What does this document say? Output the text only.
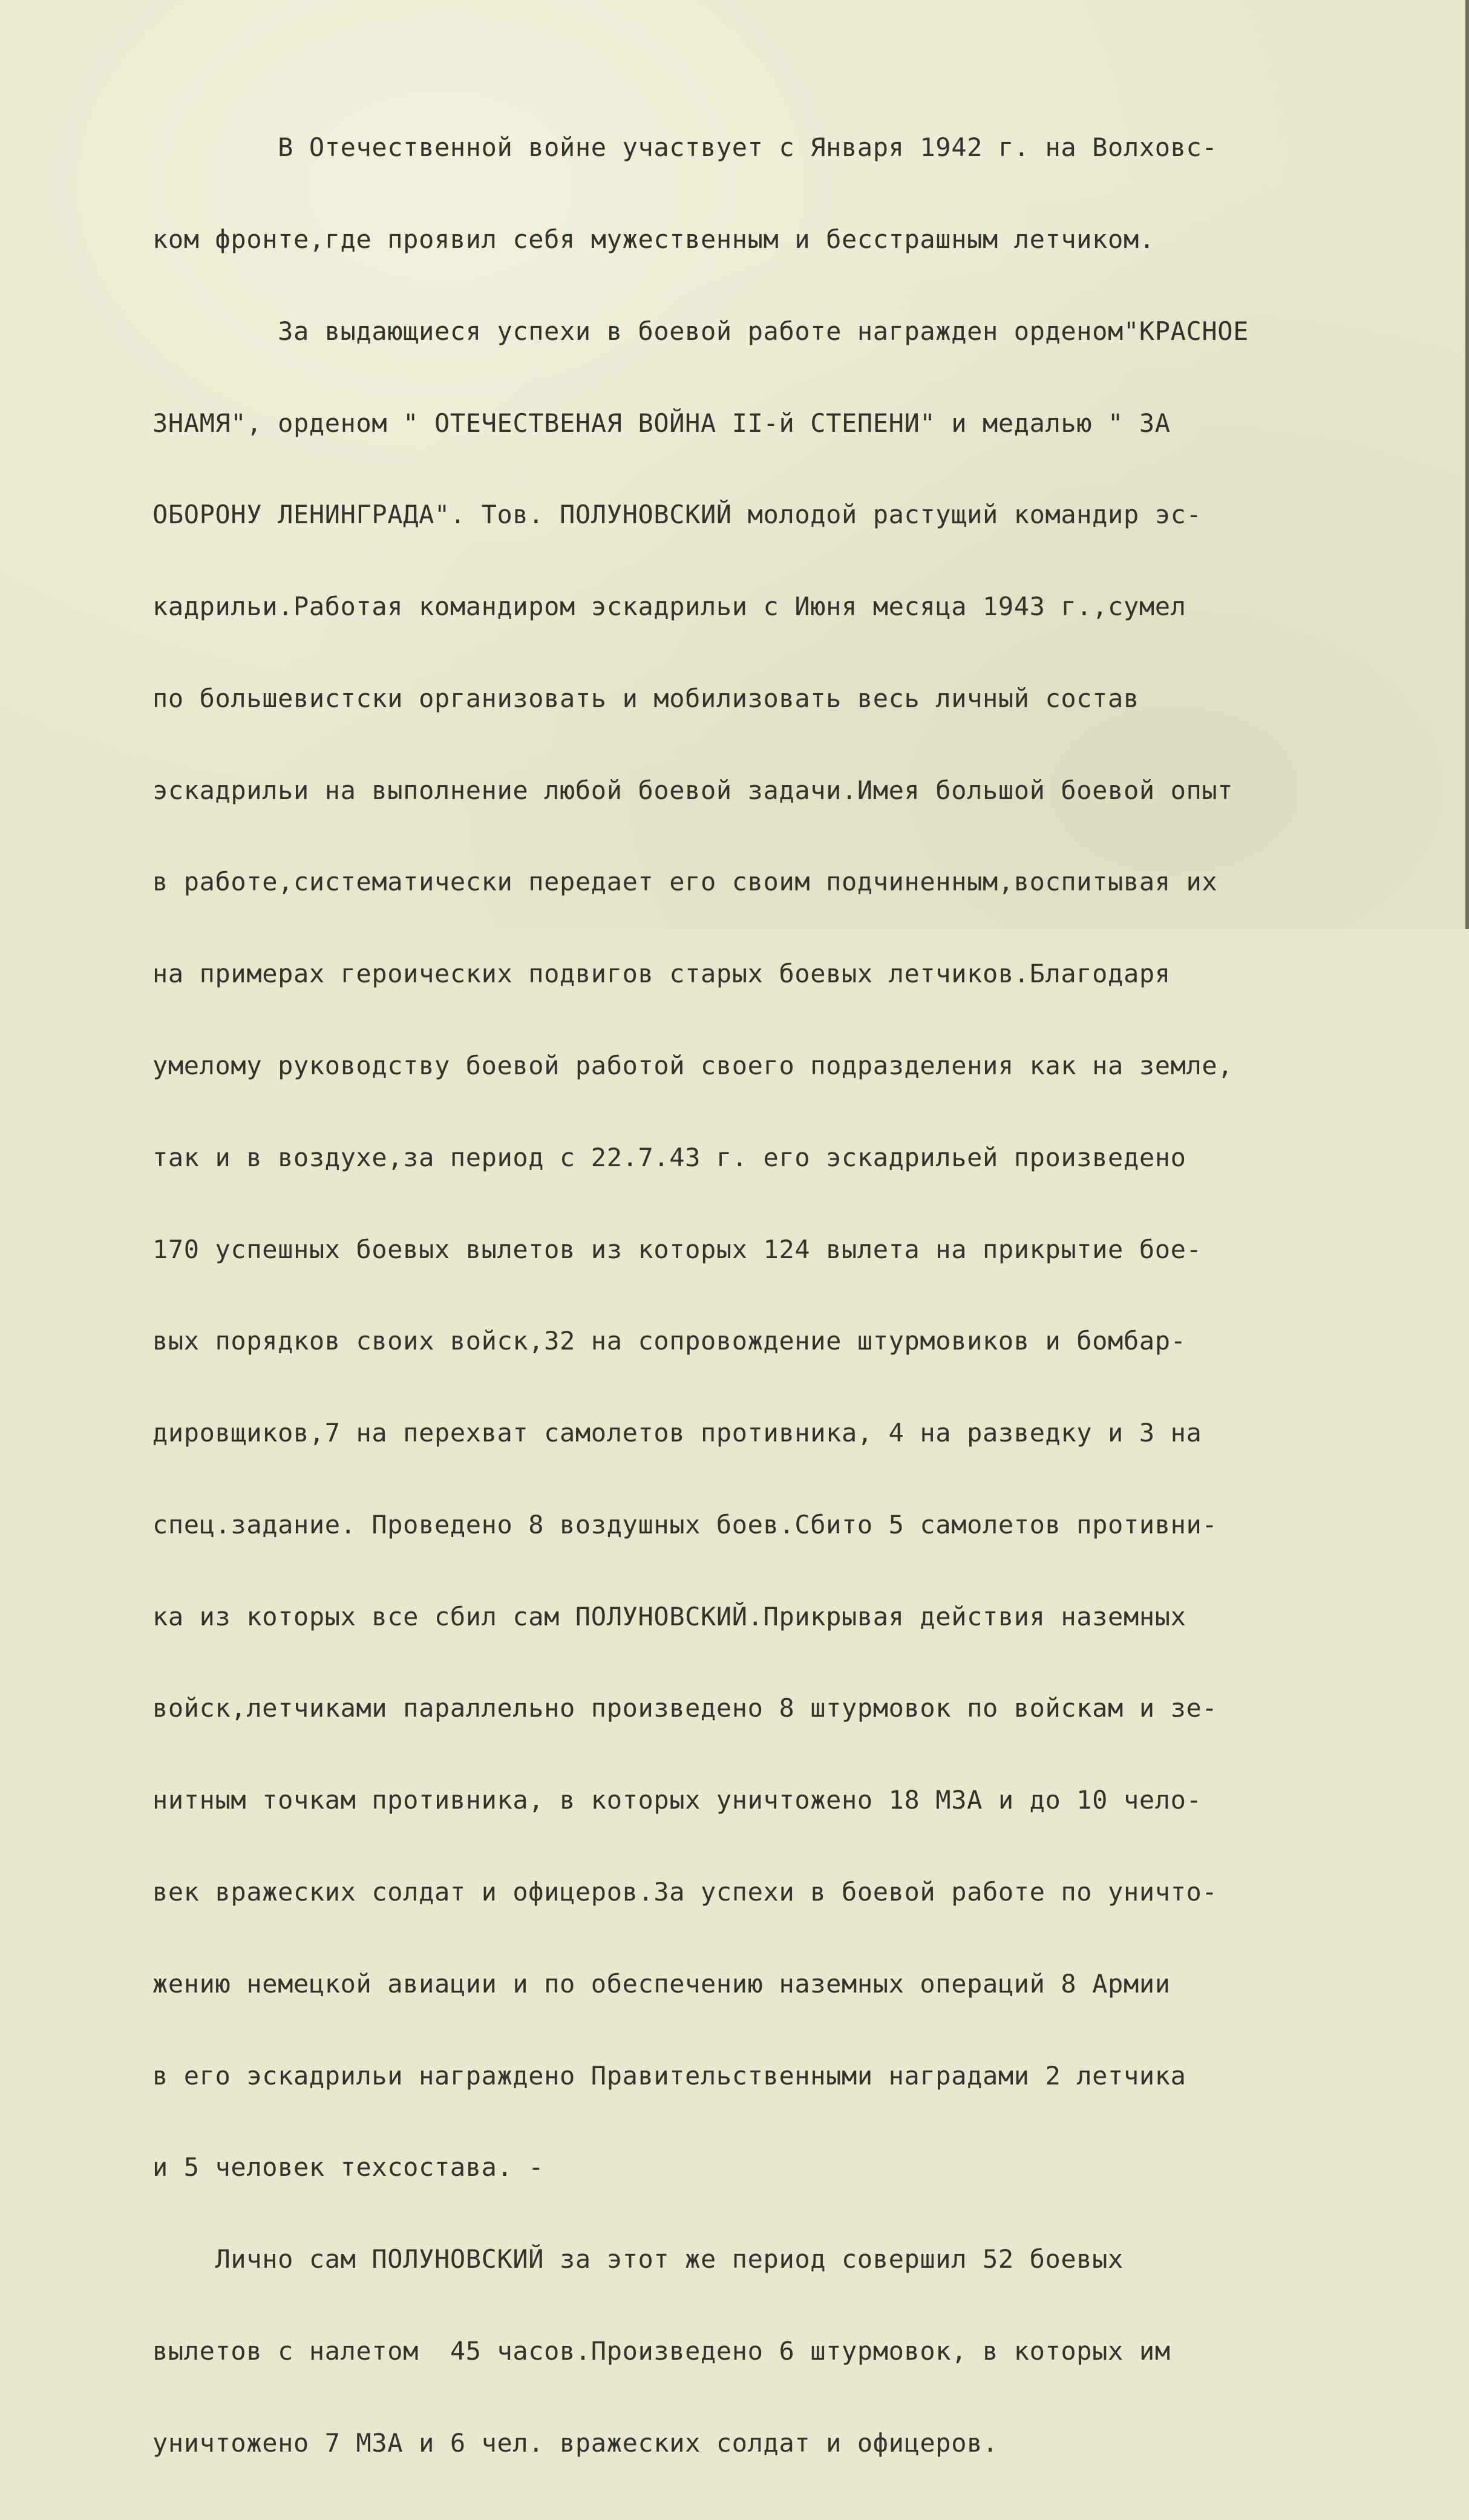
В Отечественной войне участвует с Января 1942 г. на Волховс-

ком фронте,где проявил себя мужественным и бесстрашным летчиком.

За выдающиеся успехи в боевой работе награжден орденом"КРАСНОЕ

ЗНАМЯ", орденом " ОТЕЧЕСТВЕНАЯ ВОЙНА II-й СТЕПЕНИ" и медалью " ЗА

ОБОРОНУ ЛЕНИНГРАДА". Тов. ПОЛУНОВСКИЙ молодой растущий командир эс-

кадрильи.Работая командиром эскадрильи с Июня месяца 1943 г.,сумел

по большевистски организовать и мобилизовать весь личный состав

эскадрильи на выполнение любой боевой задачи.Имея большой боевой опыт

в работе,систематически передает его своим подчиненным,воспитывая их

на примерах героических подвигов старых боевых летчиков.Благодаря

умелому руководству боевой работой своего подразделения как на земле,

так и в воздухе,за период с 22.7.43 г. его эскадрильей произведено

170 успешных боевых вылетов из которых 124 вылета на прикрытие бое-

вых порядков своих войск,32 на сопровождение штурмовиков и бомбар-

дировщиков,7 на перехват самолетов противника, 4 на разведку и 3 на

спец.задание. Проведено 8 воздушных боев.Сбито 5 самолетов противни-

ка из которых все сбил сам ПОЛУНОВСКИЙ.Прикрывая действия наземных

войск,летчиками параллельно произведено 8 штурмовок по войскам и зе-

нитным точкам противника, в которых уничтожено 18 МЗА и до 10 чело-

век вражеских солдат и офицеров.За успехи в боевой работе по уничто-

жению немецкой авиации и по обеспечению наземных операций 8 Армии

в его эскадрильи награждено Правительственными наградами 2 летчика

и 5 человек техсостава. -

Лично сам ПОЛУНОВСКИЙ за этот же период совершил 52 боевых

вылетов с налетом  45 часов.Произведено 6 штурмовок, в которых им

уничтожено 7 МЗА и 6 чел. вражеских солдат и офицеров.
